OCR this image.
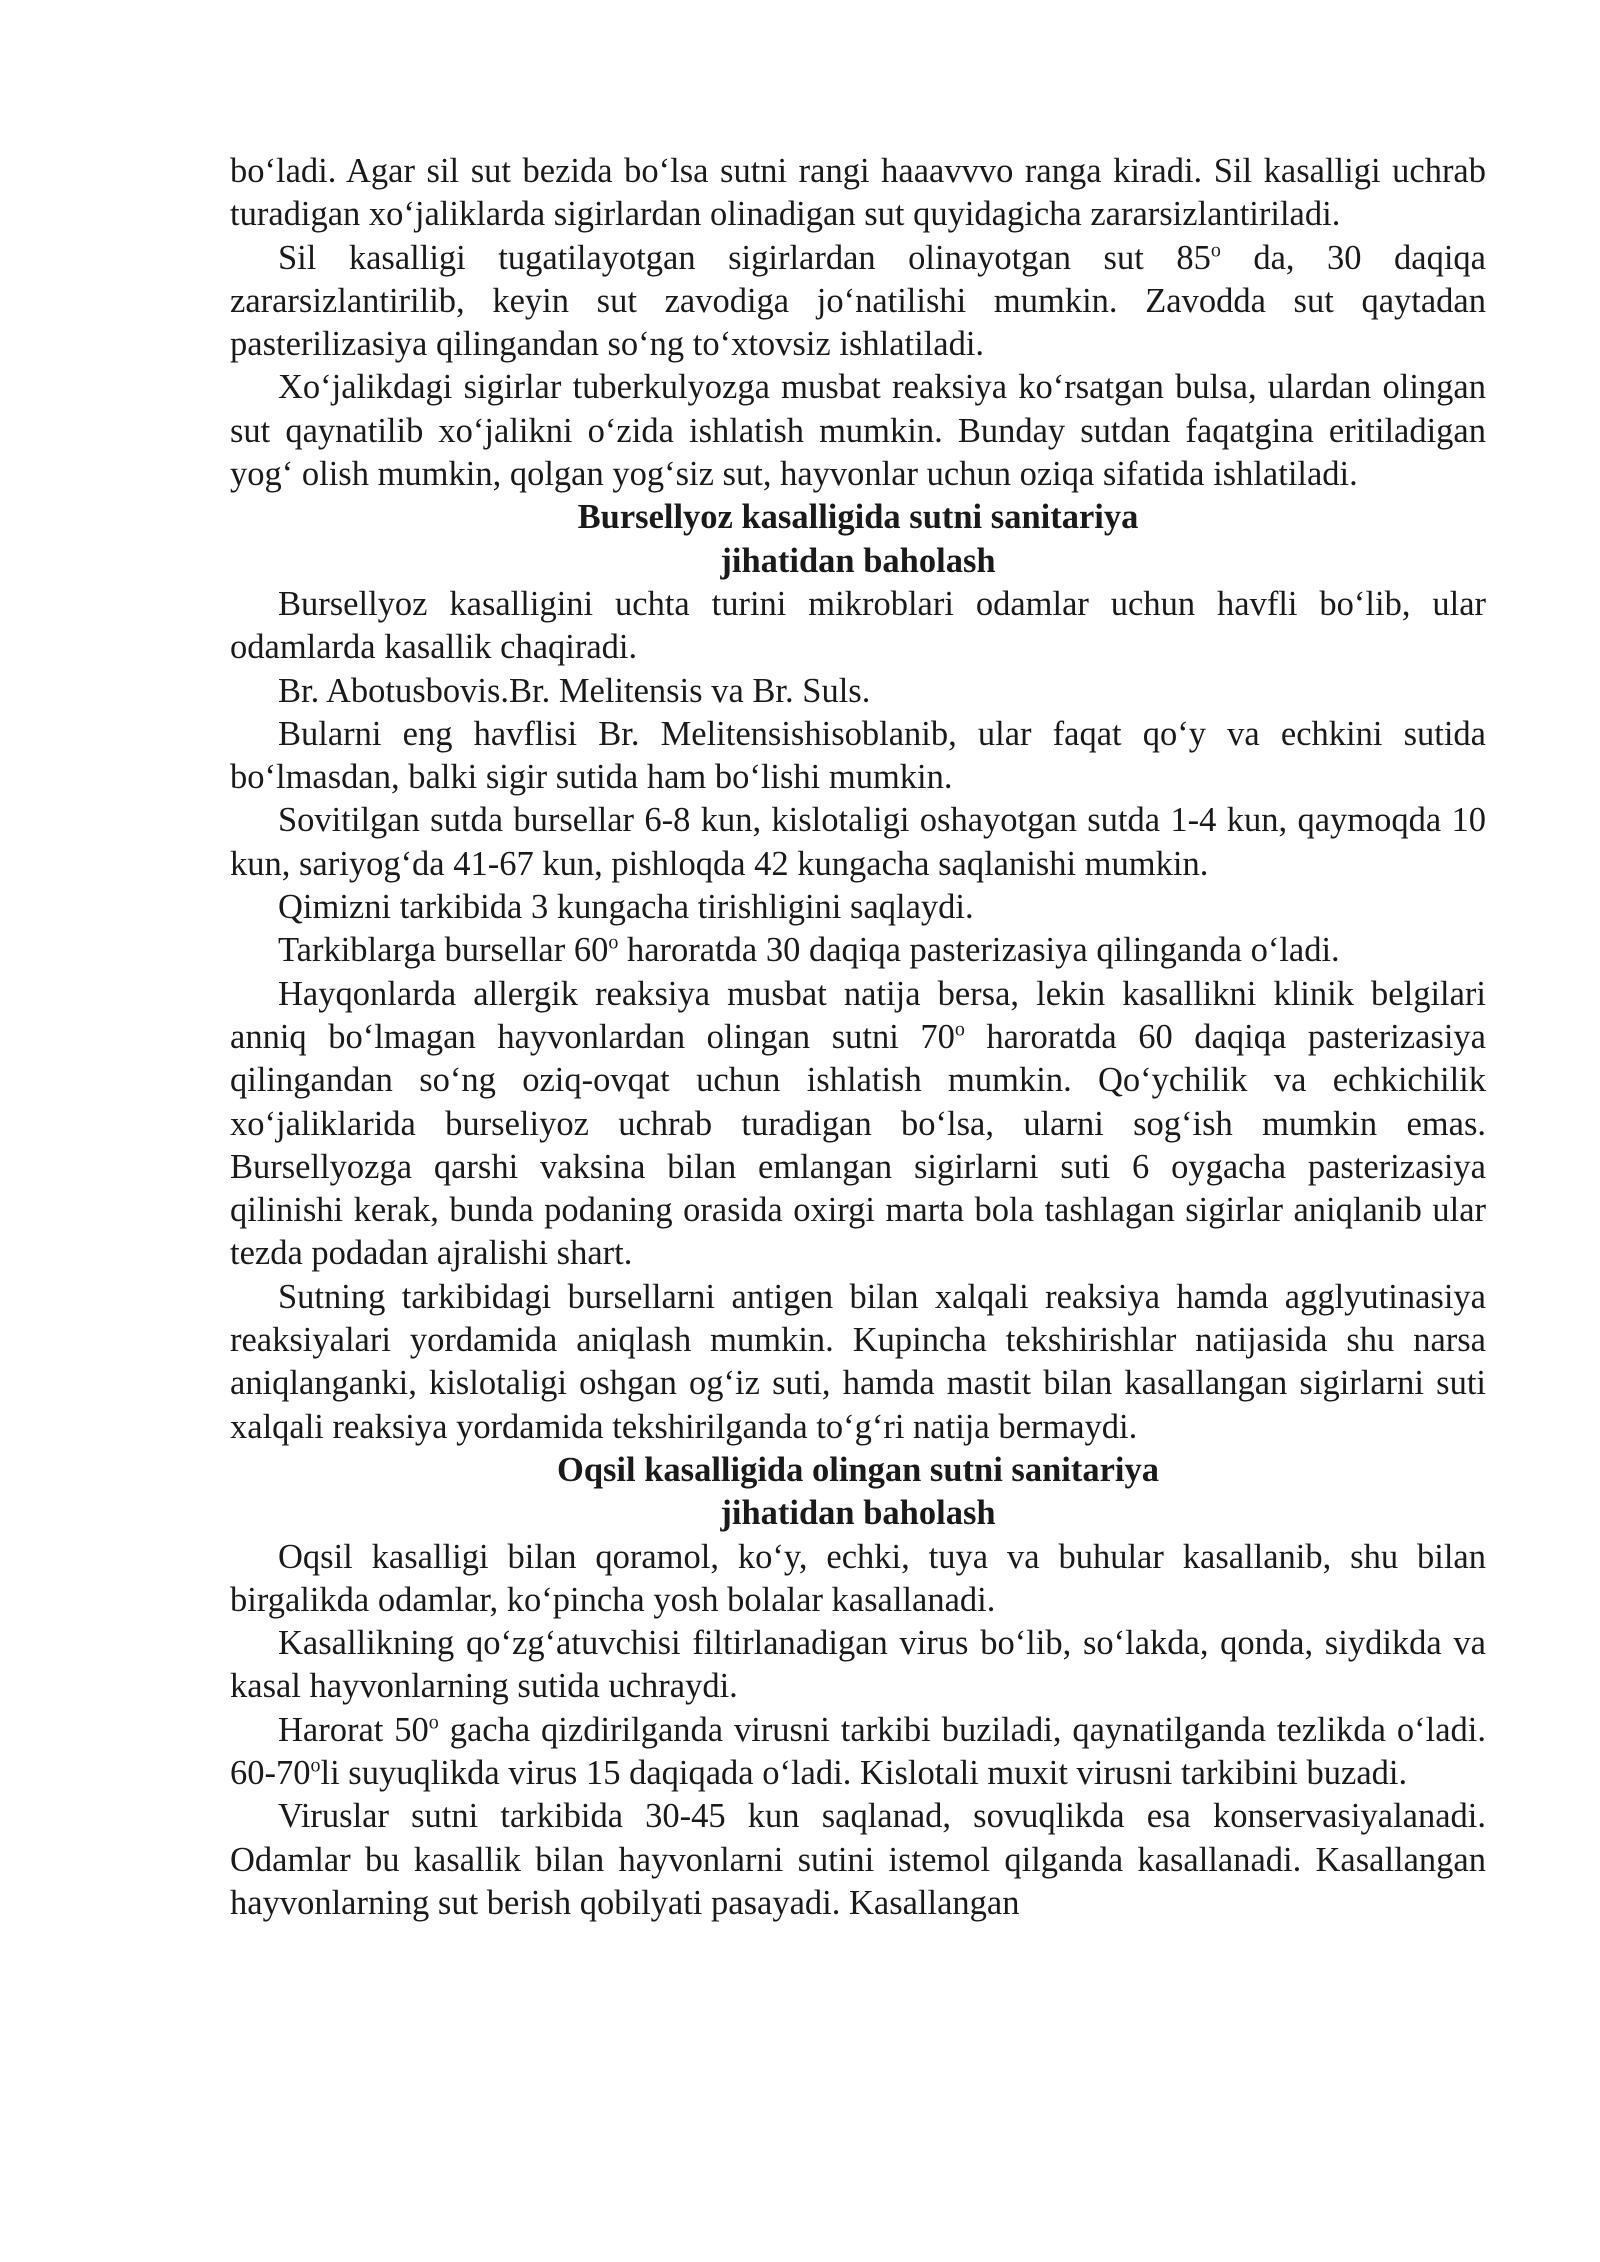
bo‘ladi. Agar sil sut bezida bo‘lsa sutni rangi haaavvvo ranga kiradi. Sil kasalligi uchrab turadigan xo‘jaliklarda sigirlardan olinadigan sut quyidagicha zararsizlantiriladi.

Sil kasalligi tugatilayotgan sigirlardan olinayotgan sut 85$^o$ da, 30 daqiqa zararsizlantirilib, keyin sut zavodiga jo‘natilishi mumkin. Zavodda sut qaytadan pasterilizasiya qilingandan so‘ng to‘xtovsiz ishlatiladi.

Xo‘jalikdagi sigirlar tuberkulyozga musbat reaksiya ko‘rsatgan bulsa, ulardan olingan sut qaynatilib xo‘jalikni o‘zida ishlatish mumkin. Bunday sutdan faqatgina eritiladigan yog‘ olish mumkin, qolgan yog‘siz sut, hayvonlar uchun oziqa sifatida ishlatiladi.

Bursellyoz kasalligida sutni sanitariya
jihatidan baholash

Bursellyoz kasalligini uchta turini mikroblari odamlar uchun havfli bo‘lib, ular odamlarda kasallik chaqiradi.

Br. Abotusbovis.Br. Melitensis va Br. Suls.

Bularni eng havflisi Br. Melitensishisoblanib, ular faqat qo‘y va echkini sutida bo‘lmasdan, balki sigir sutida ham bo‘lishi mumkin.

Sovitilgan sutda bursellar 6-8 kun, kislotaligi oshayotgan sutda 1-4 kun, qaymoqda 10 kun, sariyog‘da 41-67 kun, pishloqda 42 kungacha saqlanishi mumkin.

Qimizni tarkibida 3 kungacha tirishligini saqlaydi.

Tarkiblarga bursellar 60$^o$ haroratda 30 daqiqa pasterizasiya qilinganda o‘ladi.

Hayqonlarda allergik reaksiya musbat natija bersa, lekin kasallikni klinik belgilari anniq bo‘lmagan hayvonlardan olingan sutni 70$^o$ haroratda 60 daqiqa pasterizasiya qilingandan so‘ng oziq-ovqat uchun ishlatish mumkin. Qo‘ychilik va echkichilik xo‘jaliklarida burseliyoz uchrab turadigan bo‘lsa, ularni sog‘ish mumkin emas. Bursellyozga qarshi vaksina bilan emlangan sigirlarni suti 6 oygacha pasterizasiya qilinishi kerak, bunda podaning orasida oxirgi marta bola tashlagan sigirlar aniqlanib ular tezda podadan ajralishi shart.

Sutning tarkibidagi bursellarni antigen bilan xalqali reaksiya hamda agglyutinasiya reaksiyalari yordamida aniqlash mumkin. Kupincha tekshirishlar natijasida shu narsa aniqlanganki, kislotaligi oshgan og‘iz suti, hamda mastit bilan kasallangan sigirlarni suti xalqali reaksiya yordamida tekshirilganda to‘g‘ri natija bermaydi.

Oqsil kasalligida olingan sutni sanitariya
jihatidan baholash

Oqsil kasalligi bilan qoramol, ko‘y, echki, tuya va buhular kasallanib, shu bilan birgalikda odamlar, ko‘pincha yosh bolalar kasallanadi.

Kasallikning qo‘zg‘atuvchisi filtirlanadigan virus bo‘lib, so‘lakda, qonda, siydikda va kasal hayvonlarning sutida uchraydi.

Harorat 50$^o$ gacha qizdirilganda virusni tarkibi buziladi, qaynatilganda tezlikda o‘ladi. 60-70$^o$li suyuqlikda virus 15 daqiqada o‘ladi. Kislotali muxit virusni tarkibini buzadi.

Viruslar sutni tarkibida 30-45 kun saqlanad, sovuqlikda esa konservasiyalanadi. Odamlar bu kasallik bilan hayvonlarni sutini istemol qilganda kasallanadi. Kasallangan hayvonlarning sut berish qobilyati pasayadi. Kasallangan
